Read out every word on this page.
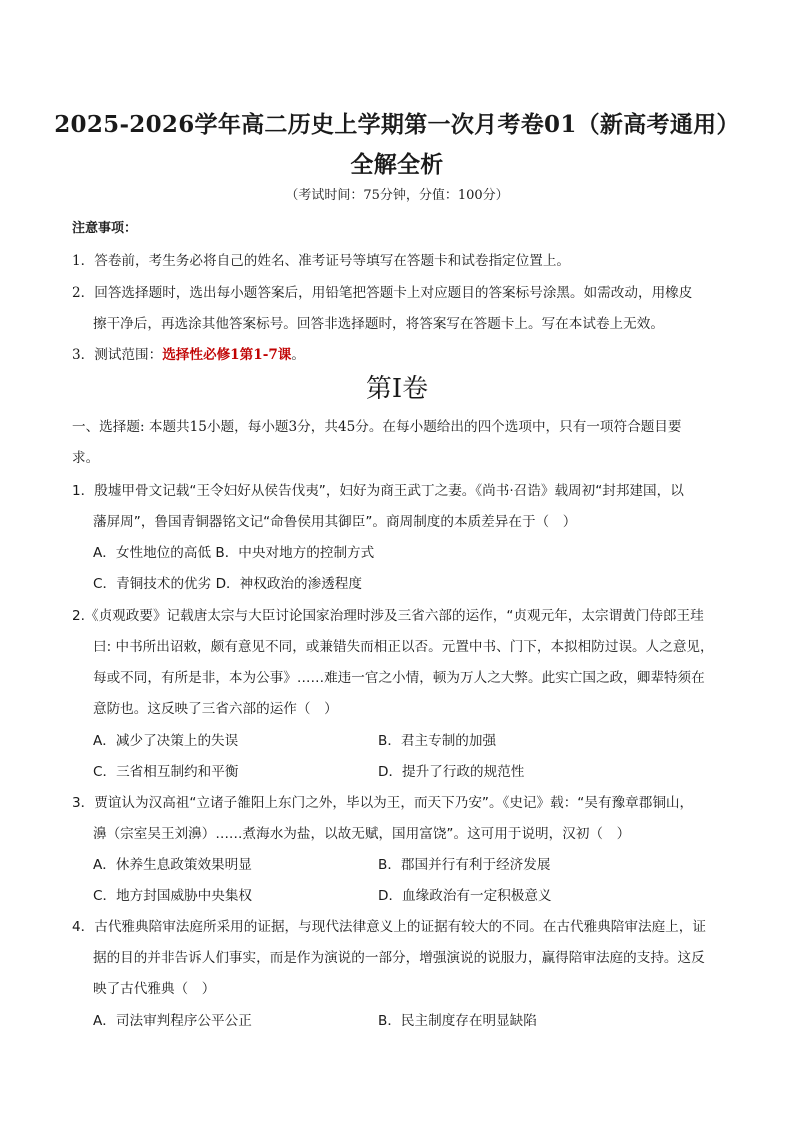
2025-2026学年高二历史上学期第一次月考卷01（新高考通用）
全解全析
（考试时间：75分钟，分值：100分）
注意事项：
1．答卷前，考生务必将自己的姓名、准考证号等填写在答题卡和试卷指定位置上。
2．回答选择题时，选出每小题答案后，用铅笔把答题卡上对应题目的答案标号涂黑。如需改动，用橡皮
擦干净后，再选涂其他答案标号。回答非选择题时，将答案写在答题卡上。写在本试卷上无效。
3．测试范围：选择性必修1第1-7课。
第Ⅰ卷
一、选择题: 本题共15小题，每小题3分，共45分。在每小题给出的四个选项中，只有一项符合题目要
求。
1．殷墟甲骨文记载“王令妇好从侯告伐夷”，妇好为商王武丁之妻。《尚书·召诰》载周初“封邦建国，以
藩屏周”，鲁国青铜器铭文记“命鲁侯用其御臣”。商周制度的本质差异在于（　）
A．女性地位的高低 B．中央对地方的控制方式
C．青铜技术的优劣 D．神权政治的渗透程度
2.《贞观政要》记载唐太宗与大臣讨论国家治理时涉及三省六部的运作，“贞观元年，太宗谓黄门侍郎王珪
曰: 中书所出诏敕，颇有意见不同，或兼错失而相正以否。元置中书、门下，本拟相防过误。人之意见，
每或不同，有所是非，本为公事》……难违一官之小情，顿为万人之大弊。此实亡国之政，卿辈特须在
意防也。这反映了三省六部的运作（　）
A．减少了决策上的失误	B．君主专制的加强
C．三省相互制约和平衡	D．提升了行政的规范性
3．贾谊认为汉高祖“立诸子雒阳上东门之外，毕以为王，而天下乃安”。《史记》载：“吴有豫章郡铜山，
濞（宗室吴王刘濞）……煮海水为盐，以故无赋，国用富饶”。这可用于说明，汉初（　）
A．休养生息政策效果明显	B．郡国并行有利于经济发展
C．地方封国威胁中央集权	D．血缘政治有一定积极意义
4．古代雅典陪审法庭所采用的证据，与现代法律意义上的证据有较大的不同。在古代雅典陪审法庭上，证
据的目的并非告诉人们事实，而是作为演说的一部分，增强演说的说服力，赢得陪审法庭的支持。这反
映了古代雅典（　）
A．司法审判程序公平公正	B．民主制度存在明显缺陷
